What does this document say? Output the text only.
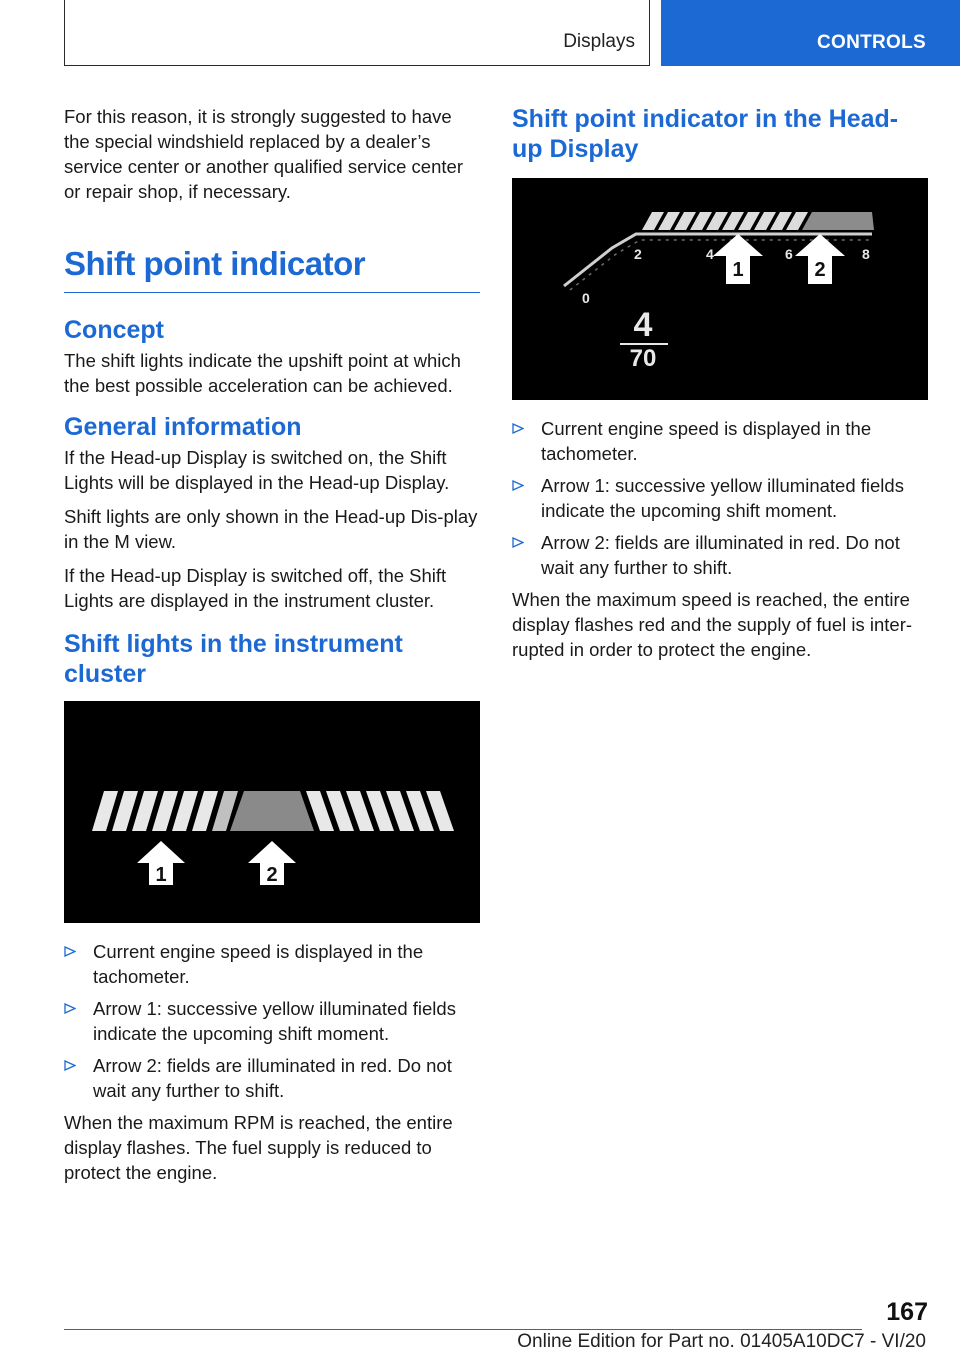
Displays	CONTROLS

For this reason, it is strongly suggested to have the special windshield replaced by a dealer’s service center or another qualified service center or repair shop, if necessary.

Shift point indicator
Concept

The shift lights indicate the upshift point at which the best possible acceleration can be achieved.

General information

If the Head-up Display is switched on, the Shift Lights will be displayed in the Head-up Display.

Shift lights are only shown in the Head-up Dis‐play in the M view.

If the Head-up Display is switched off, the Shift Lights are displayed in the instrument cluster.

Shift lights in the instrument cluster
1	2
Current engine speed is displayed in the tachometer.
Arrow 1: successive yellow illuminated fields indicate the upcoming shift moment.
Arrow 2: fields are illuminated in red. Do not wait any further to shift.

When the maximum RPM is reached, the entire display flashes. The fuel supply is reduced to protect the engine.

Shift point indicator in the Head-up Display
0
2	4	6	8
1	2
4
70
Current engine speed is displayed in the tachometer.
Arrow 1: successive yellow illuminated fields indicate the upcoming shift moment.
Arrow 2: fields are illuminated in red. Do not wait any further to shift.

When the maximum speed is reached, the entire display flashes red and the supply of fuel is inter‐rupted in order to protect the engine.

167
Online Edition for Part no. 01405A10DC7 - VI/20
